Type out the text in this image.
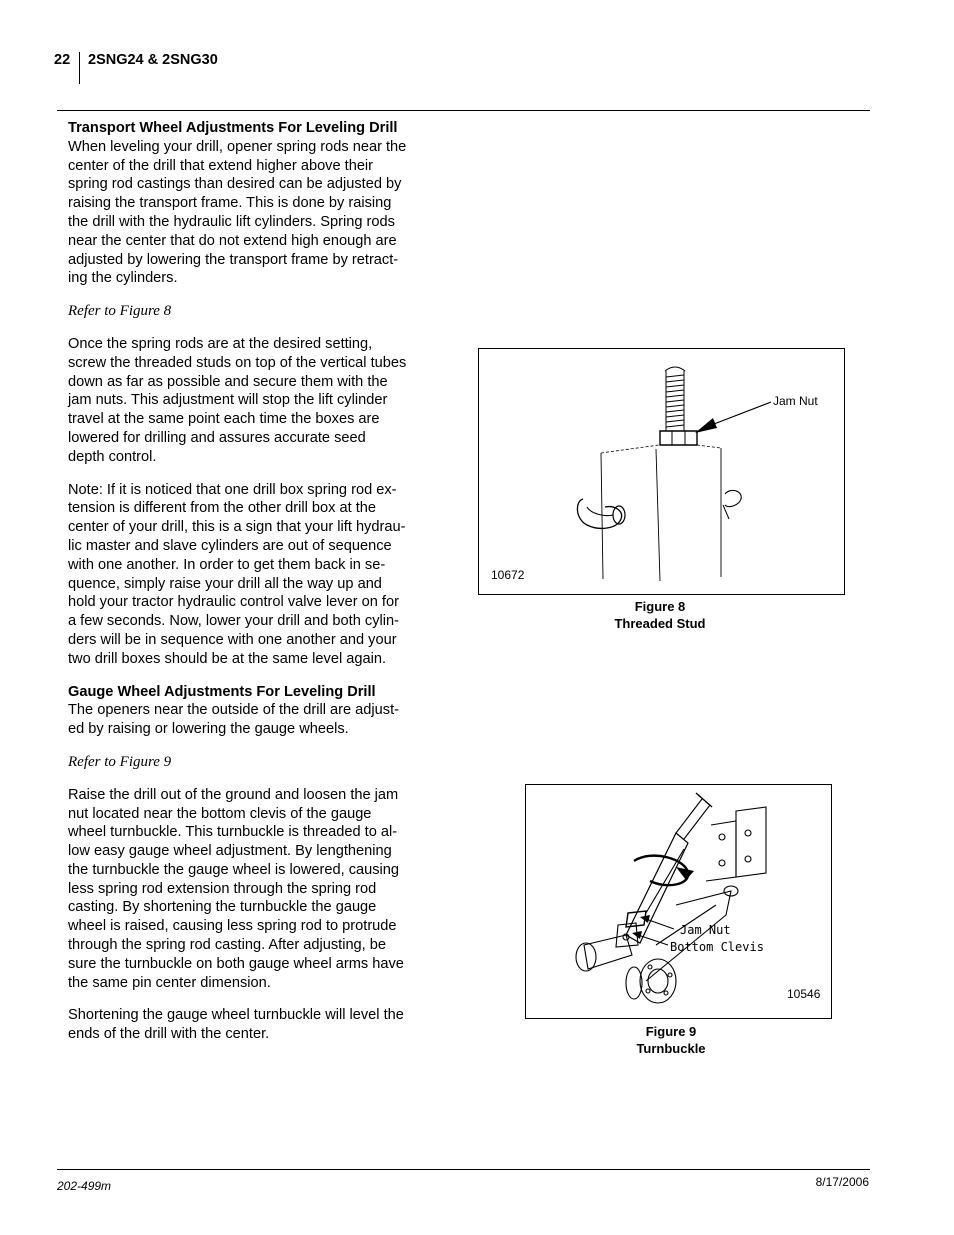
22 2SNG24 & 2SNG30

Transport Wheel Adjustments For Leveling Drill

When leveling your drill, opener spring rods near the

center of the drill that extend higher above their

spring rod castings than desired can be adjusted by

raising the transport frame. This is done by raising

the drill with the hydraulic lift cylinders. Spring rods

near the center that do not extend high enough are

adjusted by lowering the transport frame by retract-

ing the cylinders.

Refer to Figure 8

Once the spring rods are at the desired setting,

screw the threaded studs on top of the vertical tubes

down as far as possible and secure them with the

jam nuts. This adjustment will stop the lift cylinder

travel at the same point each time the boxes are

lowered for drilling and assures accurate seed

depth control.

Note: If it is noticed that one drill box spring rod ex-

tension is different from the other drill box at the

center of your drill, this is a sign that your lift hydrau-

lic master and slave cylinders are out of sequence

with one another. In order to get them back in se-

quence, simply raise your drill all the way up and

hold your tractor hydraulic control valve lever on for

a few seconds. Now, lower your drill and both cylin-

ders will be in sequence with one another and your

two drill boxes should be at the same level again.

Gauge Wheel Adjustments For Leveling Drill

The openers near the outside of the drill are adjust-

ed by raising or lowering the gauge wheels.

Refer to Figure 9

Raise the drill out of the ground and loosen the jam

nut located near the bottom clevis of the gauge

wheel turnbuckle. This turnbuckle is threaded to al-

low easy gauge wheel adjustment. By lengthening

the turnbuckle the gauge wheel is lowered, causing

less spring rod extension through the spring rod

casting. By shortening the turnbuckle the gauge

wheel is raised, causing less spring rod to protrude

through the spring rod casting. After adjusting, be

sure the turnbuckle on both gauge wheel arms have

the same pin center dimension.

Shortening the gauge wheel turnbuckle will level the

ends of the drill with the center.

Jam Nut
10672
Figure 8
Threaded Stud
Jam Nut
Bottom Clevis
10546
Figure 9
Turnbuckle
202-499m	8/17/2006
